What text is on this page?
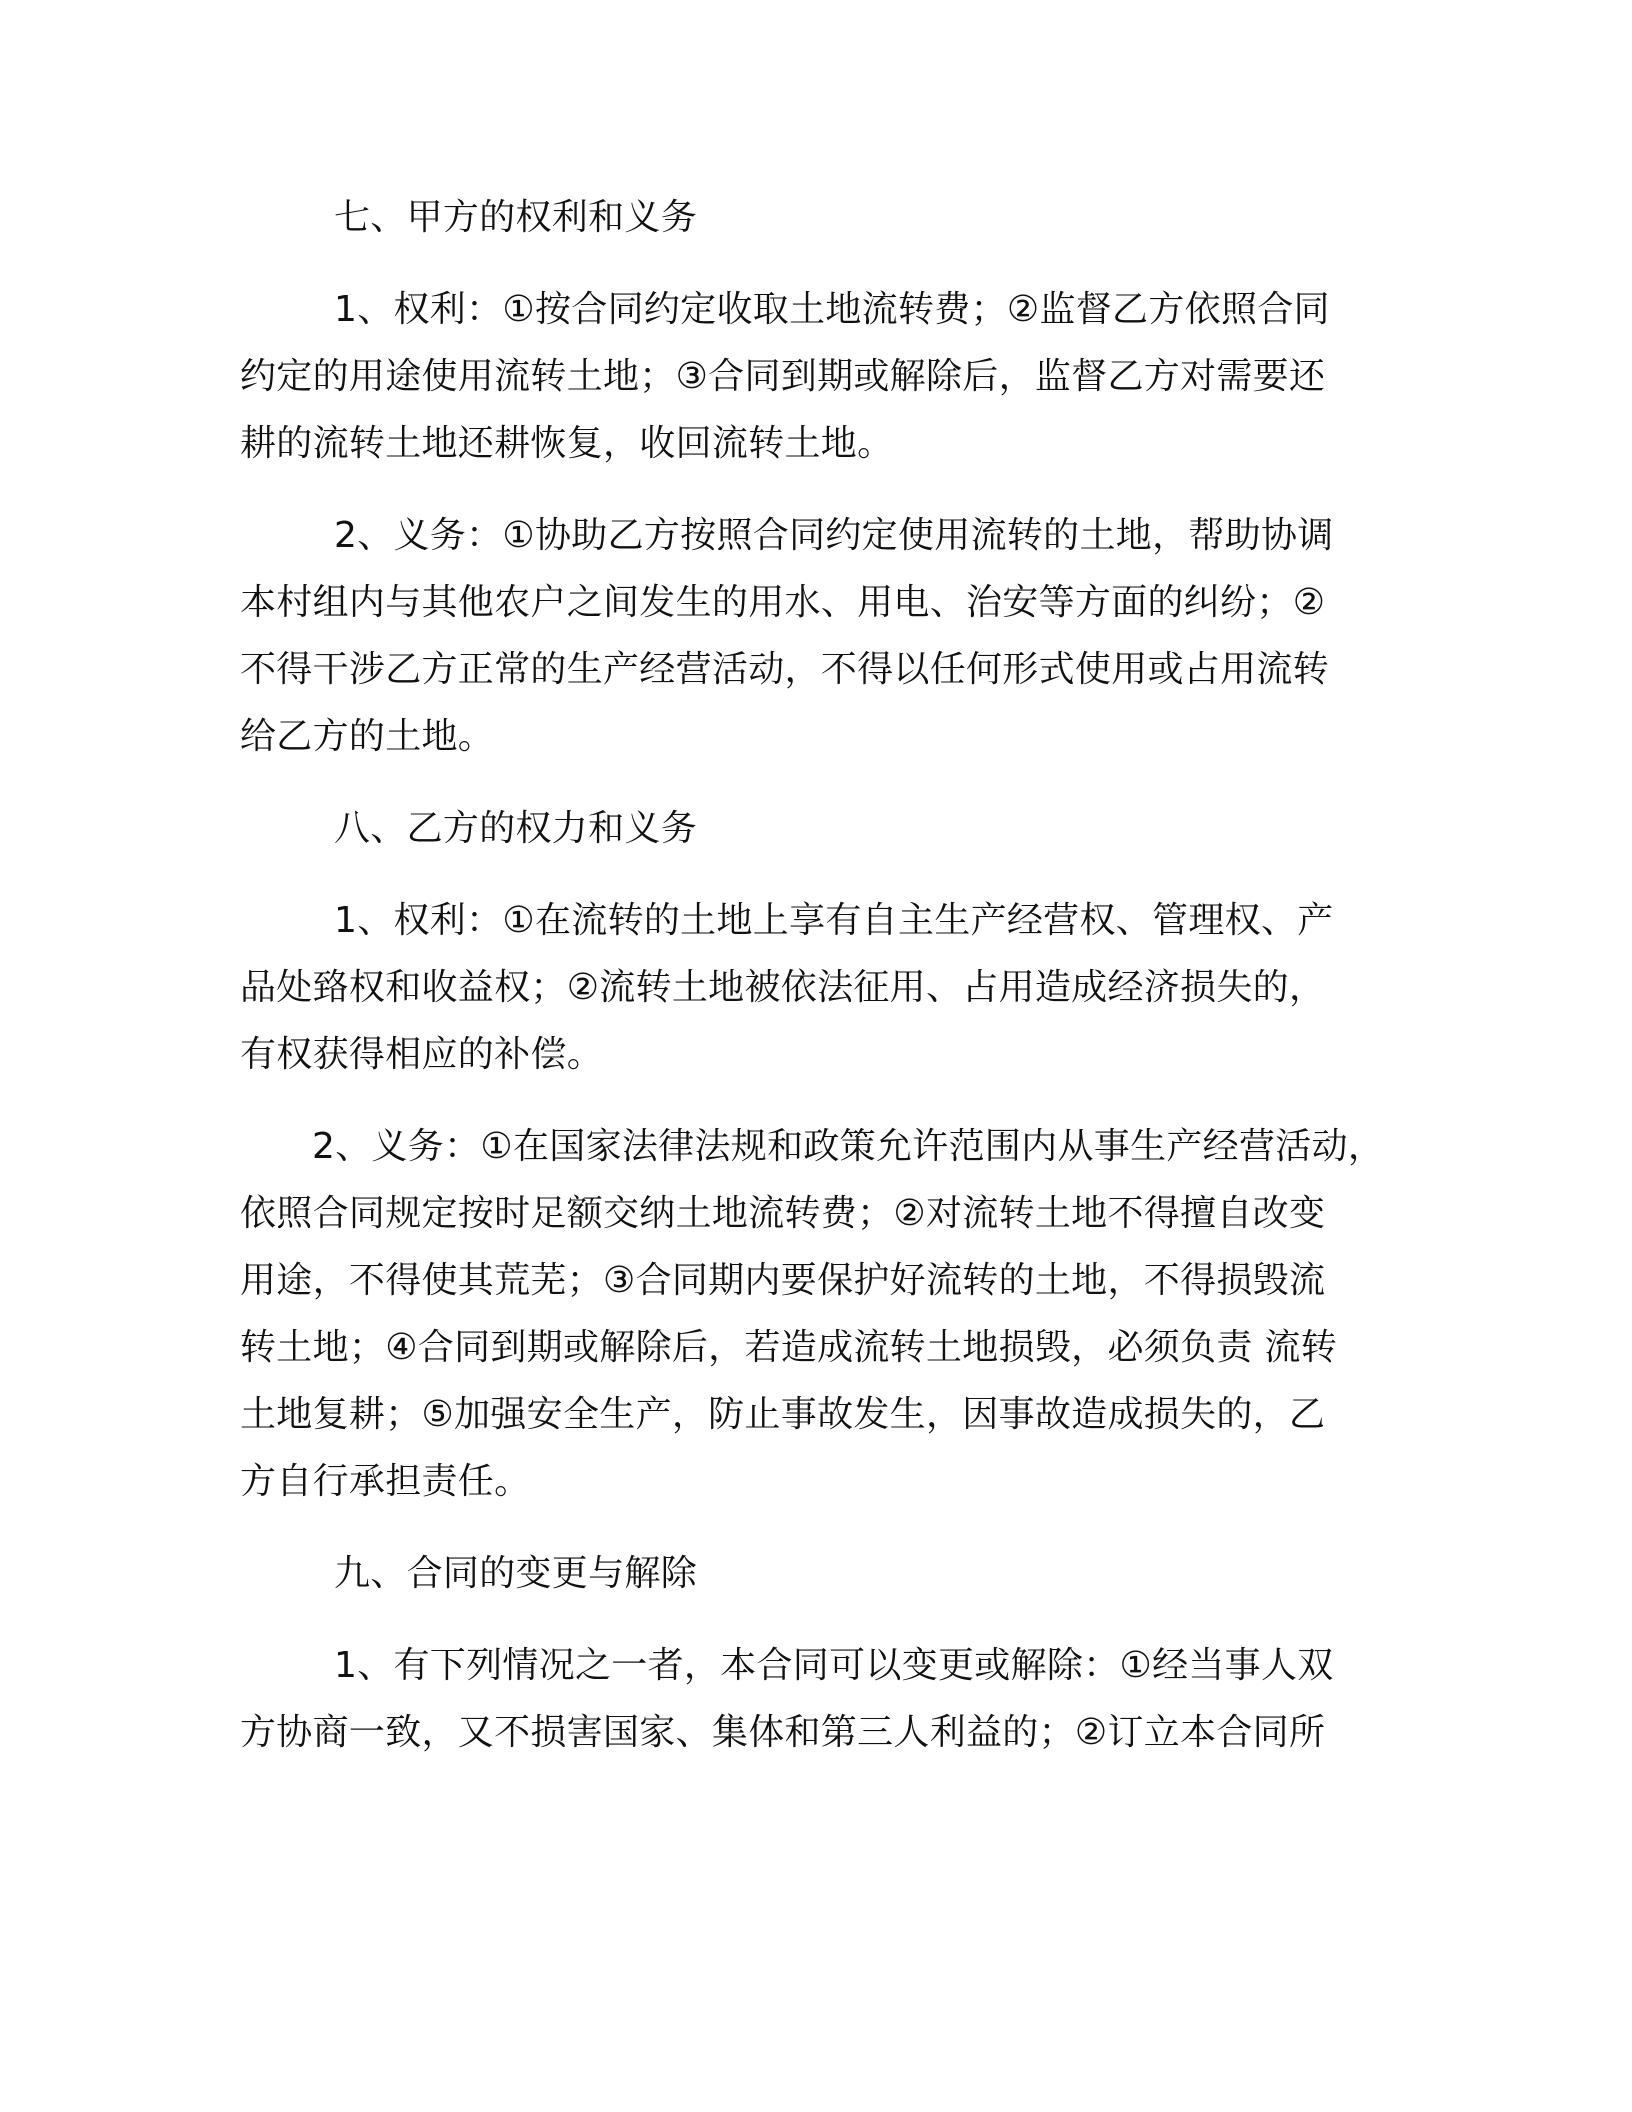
七、甲方的权利和义务

1、权利：①按合同约定收取土地流转费；②监督乙方依照合同

约定的用途使用流转土地；③合同到期或解除后，监督乙方对需要还

耕的流转土地还耕恢复，收回流转土地。

2、义务：①协助乙方按照合同约定使用流转的土地，帮助协调

本村组内与其他农户之间发生的用水、用电、治安等方面的纠纷；②

不得干涉乙方正常的生产经营活动，不得以任何形式使用或占用流转

给乙方的土地。

八、乙方的权力和义务

1、权利：①在流转的土地上享有自主生产经营权、管理权、产

品处臵权和收益权；②流转土地被依法征用、占用造成经济损失的，

有权获得相应的补偿。

2、义务：①在国家法律法规和政策允许范围内从事生产经营活动，

依照合同规定按时足额交纳土地流转费；②对流转土地不得擅自改变

用途，不得使其荒芜；③合同期内要保护好流转的土地，不得损毁流

转土地；④合同到期或解除后，若造成流转土地损毁，必须负责 流转

土地复耕；⑤加强安全生产，防止事故发生，因事故造成损失的，乙

方自行承担责任。

九、合同的变更与解除

1、有下列情况之一者，本合同可以变更或解除：①经当事人双

方协商一致，又不损害国家、集体和第三人利益的；②订立本合同所
